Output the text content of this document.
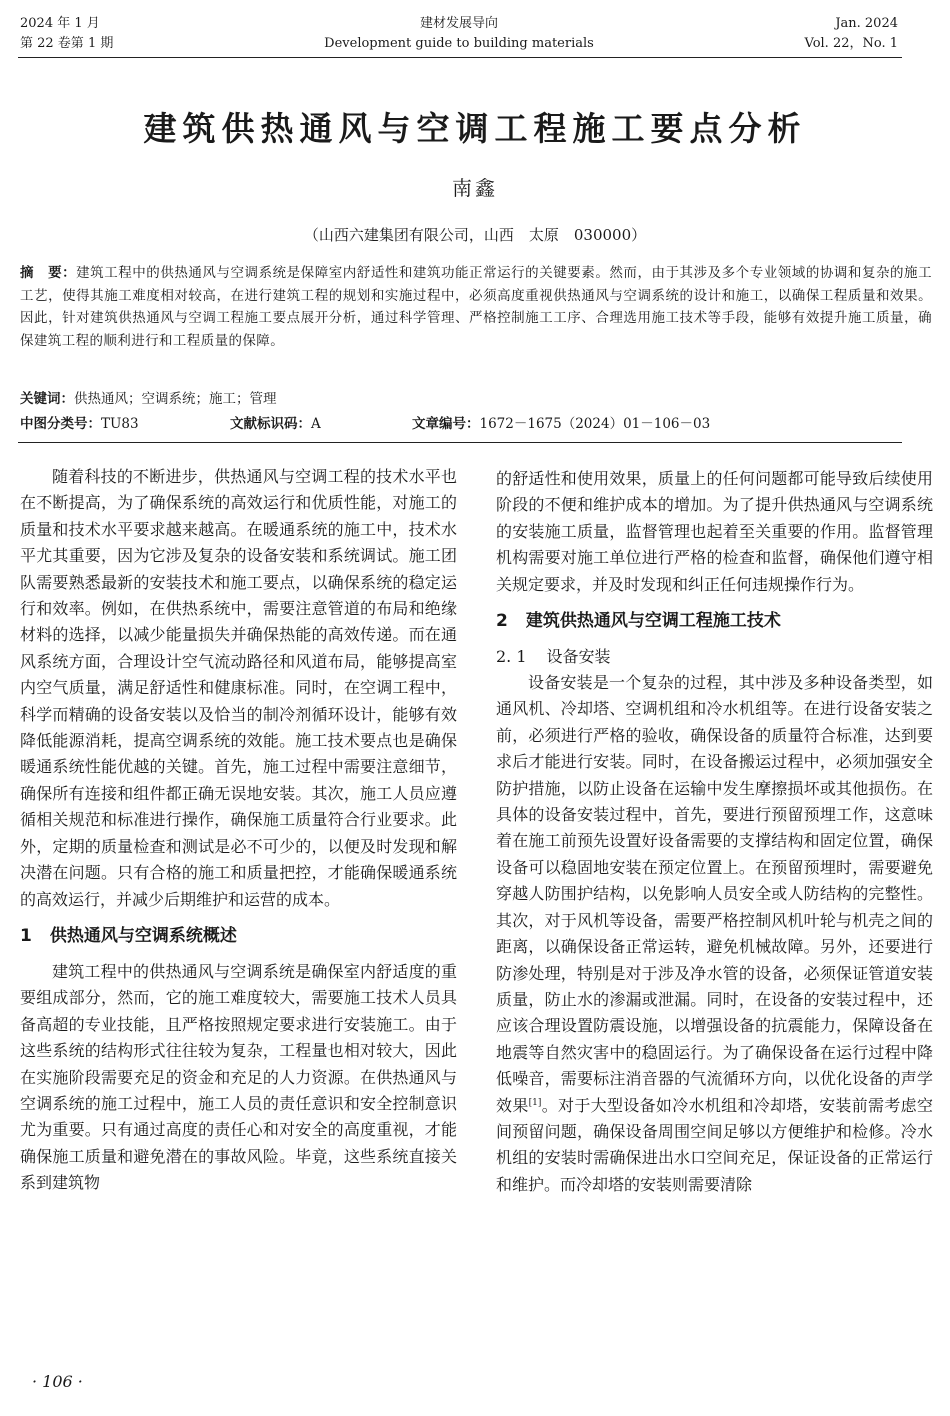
2024 年 1 月
第 22 卷第 1 期
建材发展导向
Development guide to building materials
Jan. 2024
Vol. 22，No. 1
建筑供热通风与空调工程施工要点分析
南鑫
（山西六建集团有限公司，山西　太原　030000）
摘　要：建筑工程中的供热通风与空调系统是保障室内舒适性和建筑功能正常运行的关键要素。然而，由于其涉及多个专业领域的协调和复杂的施工工艺，使得其施工难度相对较高，在进行建筑工程的规划和实施过程中，必须高度重视供热通风与空调系统的设计和施工，以确保工程质量和效果。因此，针对建筑供热通风与空调工程施工要点展开分析，通过科学管理、严格控制施工工序、合理选用施工技术等手段，能够有效提升施工质量，确保建筑工程的顺利进行和工程质量的保障。
关键词：供热通风；空调系统；施工；管理
中图分类号：TU83	文献标识码：A	文章编号：1672－1675（2024）01－106－03

随着科技的不断进步，供热通风与空调工程的技术水平也在不断提高，为了确保系统的高效运行和优质性能，对施工的质量和技术水平要求越来越高。在暖通系统的施工中，技术水平尤其重要，因为它涉及复杂的设备安装和系统调试。施工团队需要熟悉最新的安装技术和施工要点，以确保系统的稳定运行和效率。例如，在供热系统中，需要注意管道的布局和绝缘材料的选择，以减少能量损失并确保热能的高效传递。而在通风系统方面，合理设计空气流动路径和风道布局，能够提高室内空气质量，满足舒适性和健康标准。同时，在空调工程中，科学而精确的设备安装以及恰当的制冷剂循环设计，能够有效降低能源消耗，提高空调系统的效能。施工技术要点也是确保暖通系统性能优越的关键。首先，施工过程中需要注意细节，确保所有连接和组件都正确无误地安装。其次，施工人员应遵循相关规范和标准进行操作，确保施工质量符合行业要求。此外，定期的质量检查和测试是必不可少的，以便及时发现和解决潜在问题。只有合格的施工和质量把控，才能确保暖通系统的高效运行，并减少后期维护和运营的成本。

1 供热通风与空调系统概述

建筑工程中的供热通风与空调系统是确保室内舒适度的重要组成部分，然而，它的施工难度较大，需要施工技术人员具备高超的专业技能，且严格按照规定要求进行安装施工。由于这些系统的结构形式往往较为复杂，工程量也相对较大，因此在实施阶段需要充足的资金和充足的人力资源。在供热通风与空调系统的施工过程中，施工人员的责任意识和安全控制意识尤为重要。只有通过高度的责任心和对安全的高度重视，才能确保施工质量和避免潜在的事故风险。毕竟，这些系统直接关系到建筑物

的舒适性和使用效果，质量上的任何问题都可能导致后续使用阶段的不便和维护成本的增加。为了提升供热通风与空调系统的安装施工质量，监督管理也起着至关重要的作用。监督管理机构需要对施工单位进行严格的检查和监督，确保他们遵守相关规定要求，并及时发现和纠正任何违规操作行为。

2 建筑供热通风与空调工程施工技术
2. 1 设备安装

设备安装是一个复杂的过程，其中涉及多种设备类型，如通风机、冷却塔、空调机组和冷水机组等。在进行设备安装之前，必须进行严格的验收，确保设备的质量符合标准，达到要求后才能进行安装。同时，在设备搬运过程中，必须加强安全防护措施，以防止设备在运输中发生摩擦损坏或其他损伤。在具体的设备安装过程中，首先，要进行预留预埋工作，这意味着在施工前预先设置好设备需要的支撑结构和固定位置，确保设备可以稳固地安装在预定位置上。在预留预埋时，需要避免穿越人防围护结构，以免影响人员安全或人防结构的完整性。其次，对于风机等设备，需要严格控制风机叶轮与机壳之间的距离，以确保设备正常运转，避免机械故障。另外，还要进行防渗处理，特别是对于涉及净水管的设备，必须保证管道安装质量，防止水的渗漏或泄漏。同时，在设备的安装过程中，还应该合理设置防震设施，以增强设备的抗震能力，保障设备在地震等自然灾害中的稳固运行。为了确保设备在运行过程中降低噪音，需要标注消音器的气流循环方向，以优化设备的声学效果[1]。对于大型设备如冷水机组和冷却塔，安装前需考虑空间预留问题，确保设备周围空间足够以方便维护和检修。冷水机组的安装时需确保进出水口空间充足，保证设备的正常运行和维护。而冷却塔的安装则需要清除

· 106 ·
